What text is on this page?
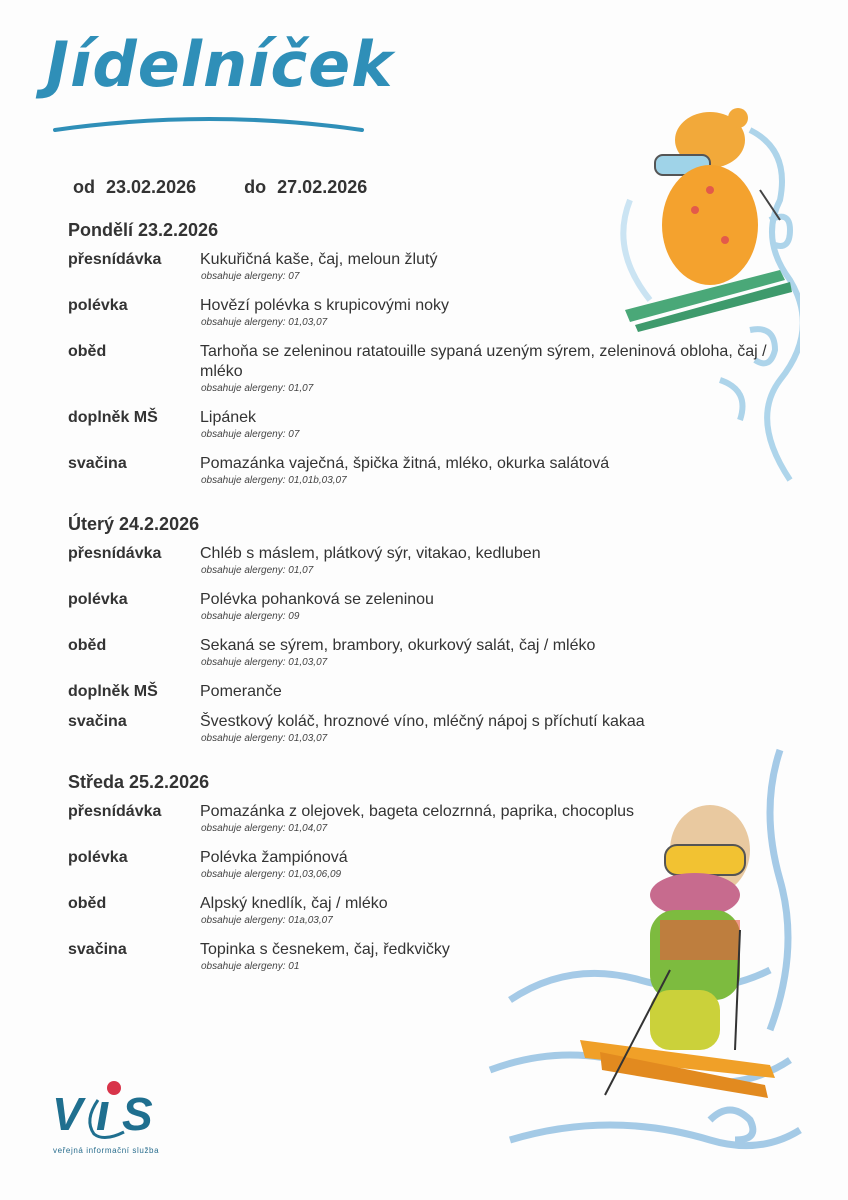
Jídelníček
od 23.02.2026	do 27.02.2026
Pondělí 23.2.2026
přesnídávka	Kukuřičná kaše, čaj, meloun žlutý
obsahuje alergeny: 07
polévka	Hovězí polévka s krupicovými noky
obsahuje alergeny: 01,03,07
oběd	Tarhoňa se zeleninou ratatouille sypaná uzeným sýrem, zeleninová obloha, čaj / mléko
obsahuje alergeny: 01,07
doplněk MŠ	Lipánek
obsahuje alergeny: 07
svačina	Pomazánka vaječná, špička žitná, mléko, okurka salátová
obsahuje alergeny: 01,01b,03,07
Úterý 24.2.2026
přesnídávka	Chléb s máslem, plátkový sýr, vitakao, kedluben
obsahuje alergeny: 01,07
polévka	Polévka pohanková se zeleninou
obsahuje alergeny: 09
oběd	Sekaná se sýrem, brambory, okurkový salát, čaj / mléko
obsahuje alergeny: 01,03,07
doplněk MŠ	Pomeranče
svačina	Švestkový koláč, hroznové víno, mléčný nápoj s příchutí kakaa
obsahuje alergeny: 01,03,07
Středa 25.2.2026
přesnídávka	Pomazánka z olejovek, bageta celozrnná, paprika, chocoplus
obsahuje alergeny: 01,04,07
polévka	Polévka žampiónová
obsahuje alergeny: 01,03,06,09
oběd	Alpský knedlík, čaj / mléko
obsahuje alergeny: 01a,03,07
svačina	Topinka s česnekem, čaj, ředkvičky
obsahuje alergeny: 01
V S
veřejná informační služba
